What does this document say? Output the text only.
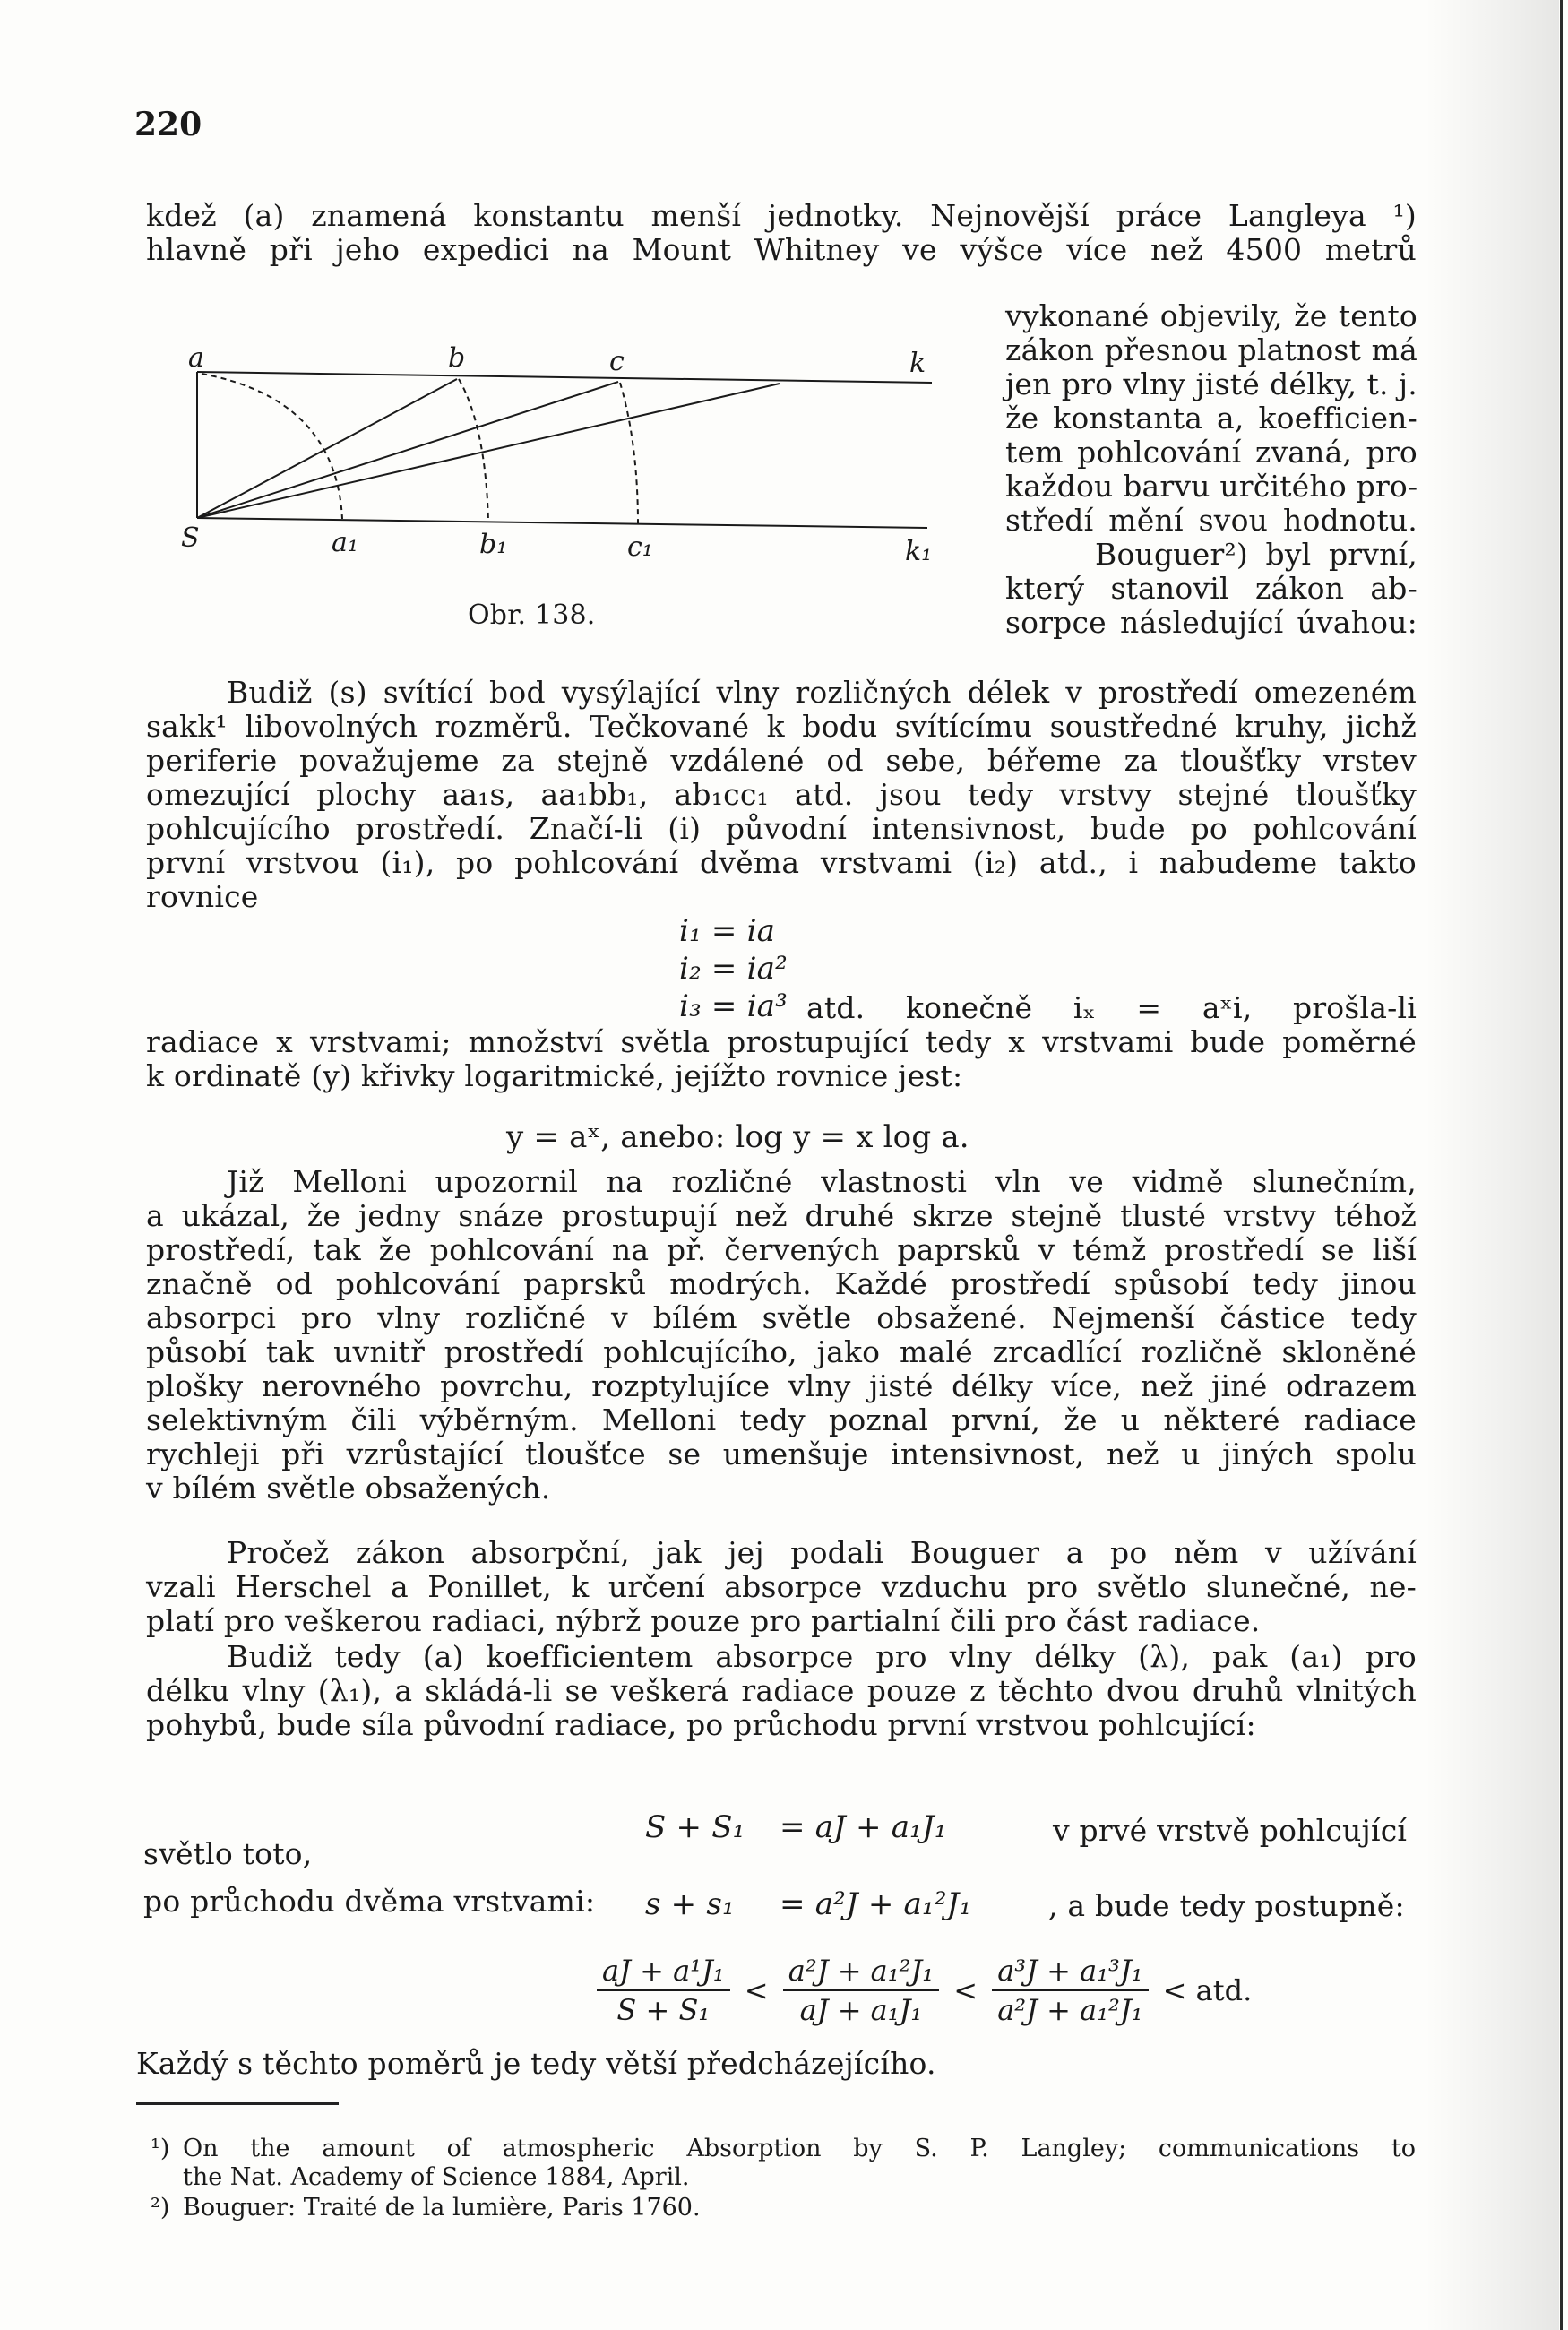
220
kdež (a) znamená konstantu menší jednotky. Nejnovější práce Langleya ¹)
hlavně při jeho expedici na Mount Whitney ve výšce více než 4500 metrů
a	b	c	k
S	a₁	b₁	c₁	k₁
Obr. 138.
vykonané objevily, že tento
zákon přesnou platnost má
jen pro vlny jisté délky, t. j.
že konstanta a, koefficien-
tem pohlcování zvaná, pro
každou barvu určitého pro-
středí mění svou hodnotu.
Bouguer²) byl první,
který stanovil zákon ab-
sorpce následující úvahou:
Budiž (s) svítící bod vysýlající vlny rozličných délek v prostředí omezeném
sakk¹ libovolných rozměrů. Tečkované k bodu svítícímu soustředné kruhy, jichž
periferie považujeme za stejně vzdálené od sebe, béřeme za tloušťky vrstev
omezující plochy aa₁s, aa₁bb₁, ab₁cc₁ atd. jsou tedy vrstvy stejné tloušťky
pohlcujícího prostředí. Značí-li (i) původní intensivnost, bude po pohlcování
první vrstvou (i₁), po pohlcování dvěma vrstvami (i₂) atd., i nabudeme takto
rovnice
i₁ = ia
i₂ = ia²
i₃ = ia³ atd. konečně iₓ = aˣi, prošla-li
radiace x vrstvami; množství světla prostupující tedy x vrstvami bude poměrné
k ordinatě (y) křivky logaritmické, jejížto rovnice jest:
y = aˣ, anebo: log y = x log a.
Již Melloni upozornil na rozličné vlastnosti vln ve vidmě slunečním,
a ukázal, že jedny snáze prostupují než druhé skrze stejně tlusté vrstvy téhož
prostředí, tak že pohlcování na př. červených paprsků v témž prostředí se liší
značně od pohlcování paprsků modrých. Každé prostředí spůsobí tedy jinou
absorpci pro vlny rozličné v bílém světle obsažené. Nejmenší částice tedy
působí tak uvnitř prostředí pohlcujícího, jako malé zrcadlící rozličně skloněné
plošky nerovného povrchu, rozptylujíce vlny jisté délky více, než jiné odrazem
selektivným čili výběrným. Melloni tedy poznal první, že u některé radiace
rychleji při vzrůstající tloušťce se umenšuje intensivnost, než u jiných spolu
v bílém světle obsažených.
Pročež zákon absorpční, jak jej podali Bouguer a po něm v užívání
vzali Herschel a Ponillet, k určení absorpce vzduchu pro světlo slunečné, ne-
platí pro veškerou radiaci, nýbrž pouze pro partialní čili pro část radiace.
Budiž tedy (a) koefficientem absorpce pro vlny délky (λ), pak (a₁) pro
délku vlny (λ₁), a skládá-li se veškerá radiace pouze z těchto dvou druhů vlnitých
pohybů, bude síla původní radiace, po průchodu první vrstvou pohlcující:
S + S₁ = aJ + a₁J₁	v prvé vrstvě pohlcující
světlo toto,
po průchodu dvěma vrstvami: s + s₁ = a²J + a₁²J₁	, a bude tedy postupně:
$\frac{\text{aJ + a¹J₁}}{\text{S + S₁}} < \frac{\text{a²J + a₁²J₁}}{\text{aJ + a₁J₁}} < \frac{\text{a³J + a₁³J₁}}{\text{a²J + a₁²J₁}}$ < atd.
Každý s těchto poměrů je tedy větší předcházejícího.
¹) On the amount of atmospheric Absorption by S. P. Langley; communications to
the Nat. Academy of Science 1884, April.
²) Bouguer: Traité de la lumière, Paris 1760.
